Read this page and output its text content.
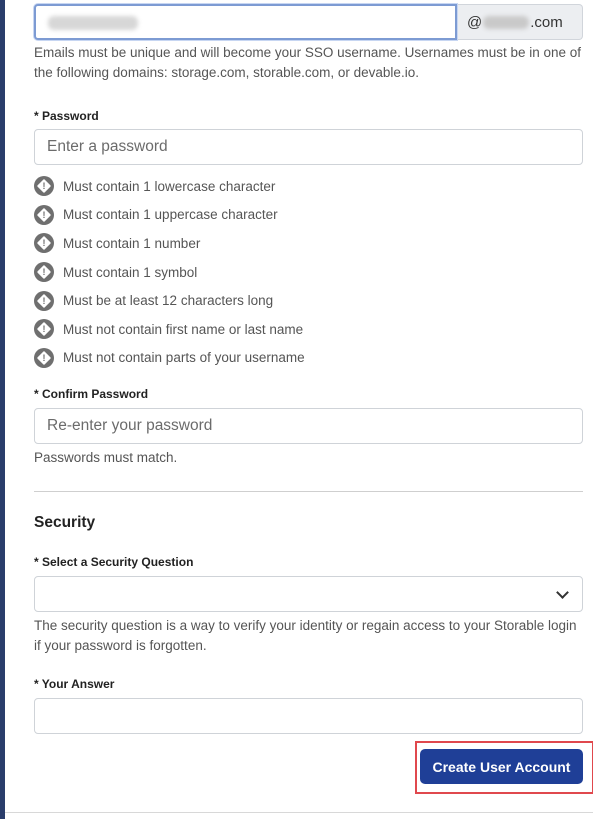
@	.com
Emails must be unique and will become your SSO username. Usernames must be in one of the following domains: storage.com, storable.com, or devable.io.
* Password
Enter a password
!
Must contain 1 lowercase character
!
Must contain 1 uppercase character
!
Must contain 1 number
!
Must contain 1 symbol
!
Must be at least 12 characters long
!
Must not contain first name or last name
!
Must not contain parts of your username
* Confirm Password
Re-enter your password
Passwords must match.
Security
* Select a Security Question
The security question is a way to verify your identity or regain access to your Storable login if your password is forgotten.
* Your Answer
Create User Account
